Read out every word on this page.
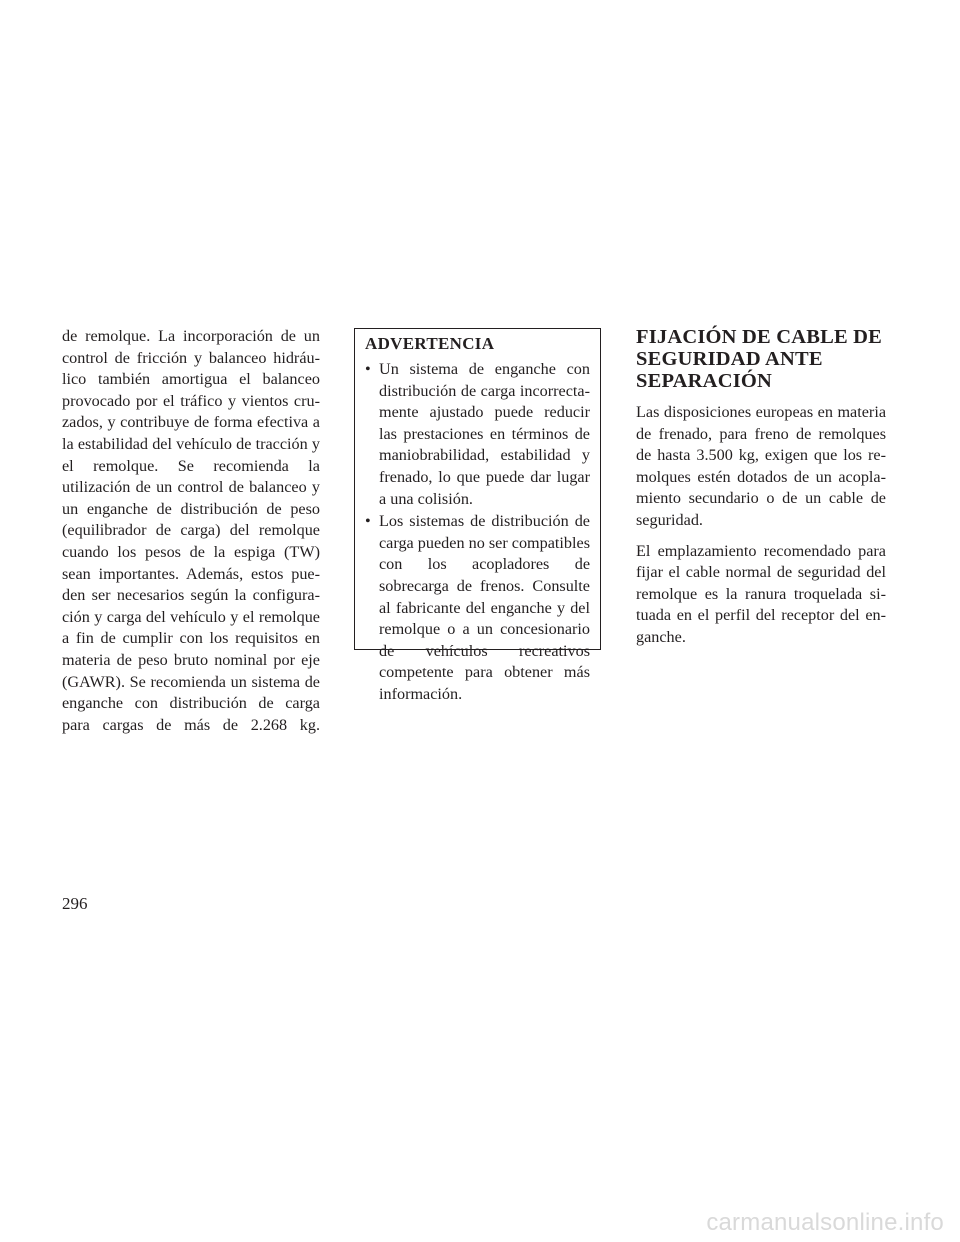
de remolque. La incorporación de un control de fricción y balanceo hidráulico también amortigua el balanceo provocado por el tráfico y vientos cruzados, y contribuye de forma efectiva a la estabilidad del vehículo de tracción y el remolque. Se recomienda la utilización de un control de balanceo y un enganche de distribución de peso (equilibrador de carga) del remolque cuando los pesos de la espiga (TW) sean importantes. Además, estos pueden ser necesarios según la configuración y carga del vehículo y el remolque a fin de cumplir con los requisitos en materia de peso bruto nominal por eje (GAWR). Se recomienda un sistema de enganche con distribución de carga para cargas de más de 2.268 kg.

ADVERTENCIA
• Un sistema de enganche con distribución de carga incorrectamente ajustado puede reducir las prestaciones en términos de maniobrabilidad, estabilidad y frenado, lo que puede dar lugar a una colisión.
• Los sistemas de distribución de carga pueden no ser compatibles con los acopladores de sobrecarga de frenos. Consulte al fabricante del enganche y del remolque o a un concesionario de vehículos recreativos competente para obtener más información.
FIJACIÓN DE CABLE DE SEGURIDAD ANTE SEPARACIÓN

Las disposiciones europeas en materia de frenado, para freno de remolques de hasta 3.500 kg, exigen que los remolques estén dotados de un acoplamiento secundario o de un cable de seguridad.

El emplazamiento recomendado para fijar el cable normal de seguridad del remolque es la ranura troquelada situada en el perfil del receptor del enganche.

296
carmanualsonline.info
